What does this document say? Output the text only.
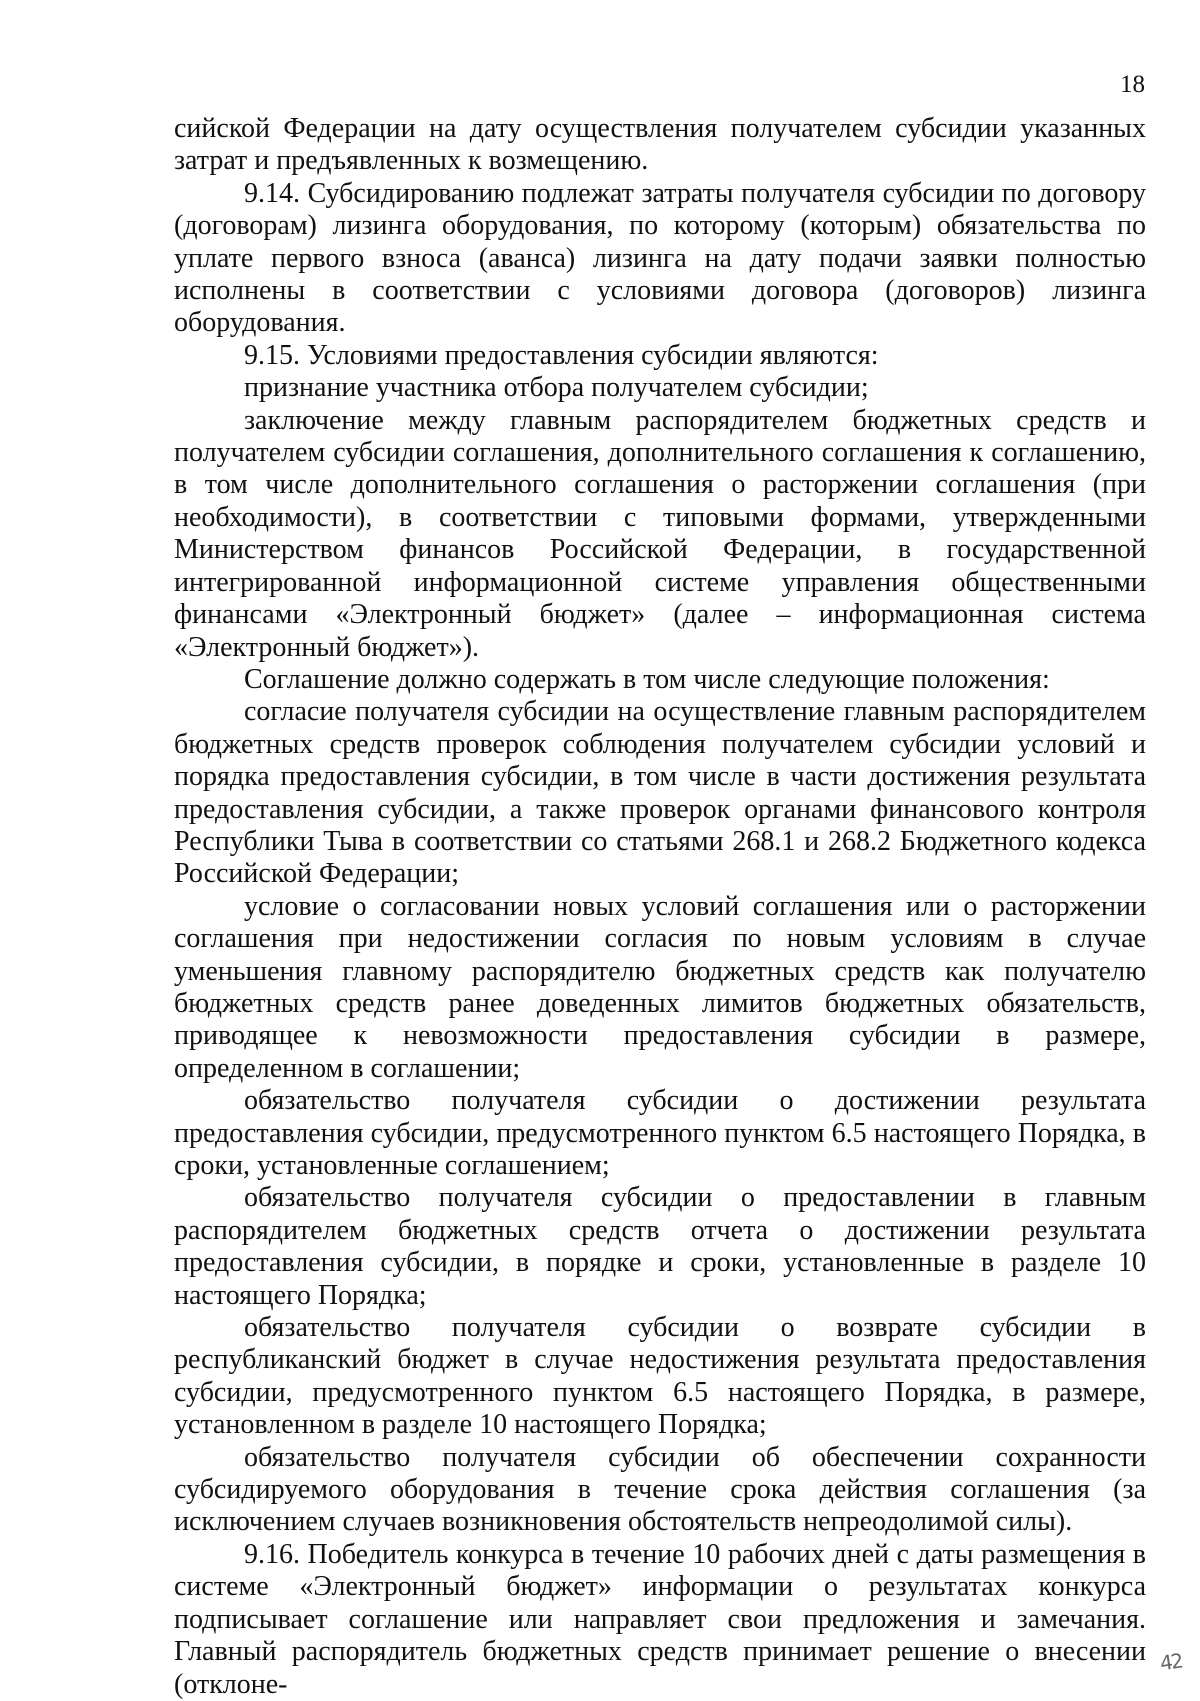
18

сийской Федерации на дату осуществления получателем субсидии указанных затрат и предъявленных к возмещению.

9.14. Субсидированию подлежат затраты получателя субсидии по договору (договорам) лизинга оборудования, по которому (которым) обязательства по уплате первого взноса (аванса) лизинга на дату подачи заявки полностью исполнены в соответствии с условиями договора (договоров) лизинга оборудования.

9.15. Условиями предоставления субсидии являются:

признание участника отбора получателем субсидии;

заключение между главным распорядителем бюджетных средств и получателем субсидии соглашения, дополнительного соглашения к соглашению, в том числе дополнительного соглашения о расторжении соглашения (при необходимости), в соответствии с типовыми формами, утвержденными Министерством финансов Российской Федерации, в государственной интегрированной информационной системе управления общественными финансами «Электронный бюджет» (далее – информационная система «Электронный бюджет»).

Соглашение должно содержать в том числе следующие положения:

согласие получателя субсидии на осуществление главным распорядителем бюджетных средств проверок соблюдения получателем субсидии условий и порядка предоставления субсидии, в том числе в части достижения результата предоставления субсидии, а также проверок органами финансового контроля Республики Тыва в соответствии со статьями 268.1 и 268.2 Бюджетного кодекса Российской Федерации;

условие о согласовании новых условий соглашения или о расторжении соглашения при недостижении согласия по новым условиям в случае уменьшения главному распорядителю бюджетных средств как получателю бюджетных средств ранее доведенных лимитов бюджетных обязательств, приводящее к невозможности предоставления субсидии в размере, определенном в соглашении;

обязательство получателя субсидии о достижении результата предоставления субсидии, предусмотренного пунктом 6.5 настоящего Порядка, в сроки, установленные соглашением;

обязательство получателя субсидии о предоставлении в главным распорядителем бюджетных средств отчета о достижении результата предоставления субсидии, в порядке и сроки, установленные в разделе 10 настоящего Порядка;

обязательство получателя субсидии о возврате субсидии в республиканский бюджет в случае недостижения результата предоставления субсидии, предусмотренного пунктом 6.5 настоящего Порядка, в размере, установленном в разделе 10 настоящего Порядка;

обязательство получателя субсидии об обеспечении сохранности субсидируемого оборудования в течение срока действия соглашения (за исключением случаев возникновения обстоятельств непреодолимой силы).

9.16. Победитель конкурса в течение 10 рабочих дней с даты размещения в системе «Электронный бюджет» информации о результатах конкурса подписывает соглашение или направляет свои предложения и замечания. Главный распорядитель бюджетных средств принимает решение о внесении (отклоне-

42
